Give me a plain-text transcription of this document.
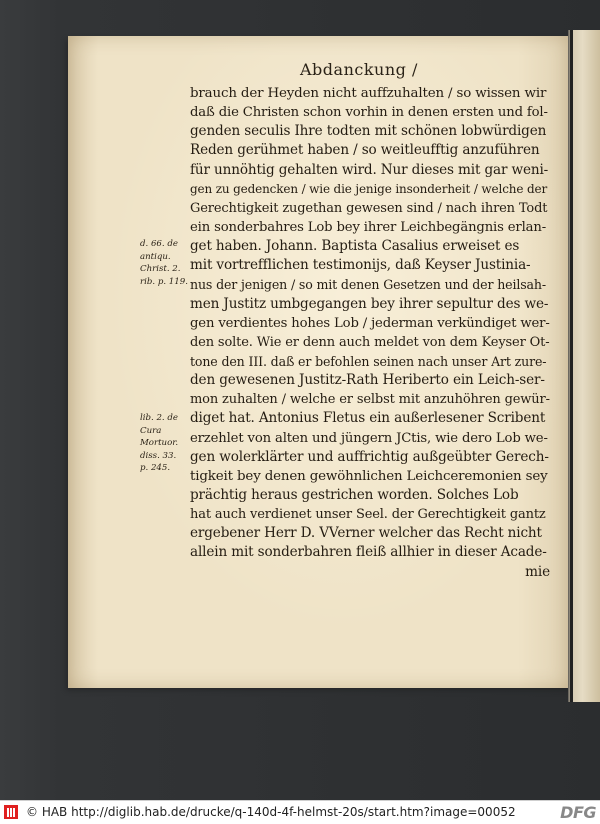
Abdanckung /
brauch der Heyden nicht auffzuhalten / so wissen wir
daß die Christen schon vorhin in denen ersten und fol-
genden seculis Ihre todten mit schönen lobwürdigen
Reden gerühmet haben / so weitleufftig anzuführen
für unnöhtig gehalten wird. Nur dieses mit gar weni-
gen zu gedencken / wie die jenige insonderheit / welche der
Gerechtigkeit zugethan gewesen sind / nach ihren Todt
ein sonderbahres Lob bey ihrer Leichbegängnis erlan-
get haben. Johann. Baptista Casalius erweiset es
mit vortrefflichen testimonijs, daß Keyser Justinia-
nus der jenigen / so mit denen Gesetzen und der heilsah-
men Justitz umbgegangen bey ihrer sepultur des we-
gen verdientes hohes Lob / jederman verkündiget wer-
den solte. Wie er denn auch meldet von dem Keyser Ot-
tone den III. daß er befohlen seinen nach unser Art zure-
den gewesenen Justitz-Rath Heriberto ein Leich-ser-
mon zuhalten / welche er selbst mit anzuhöhren gewür-
diget hat. Antonius Fletus ein außerlesener Scribent
erzehlet von alten und jüngern JCtis, wie dero Lob we-
gen wolerklärter und auffrichtig außgeübter Gerech-
tigkeit bey denen gewöhnlichen Leichceremonien sey
prächtig heraus gestrichen worden. Solches Lob
hat auch verdienet unser Seel. der Gerechtigkeit gantz
ergebener Herr D. VVerner welcher das Recht nicht
allein mit sonderbahren fleiß allhier in dieser Acade-
mie
d. 66. de
antiqu.
Christ. 2.
rib. p. 119.
lib. 2. de
Cura
Mortuor.
diss. 33.
p. 245.
© HAB http://diglib.hab.de/drucke/q-140d-4f-helmst-20s/start.htm?image=00052	DFG
